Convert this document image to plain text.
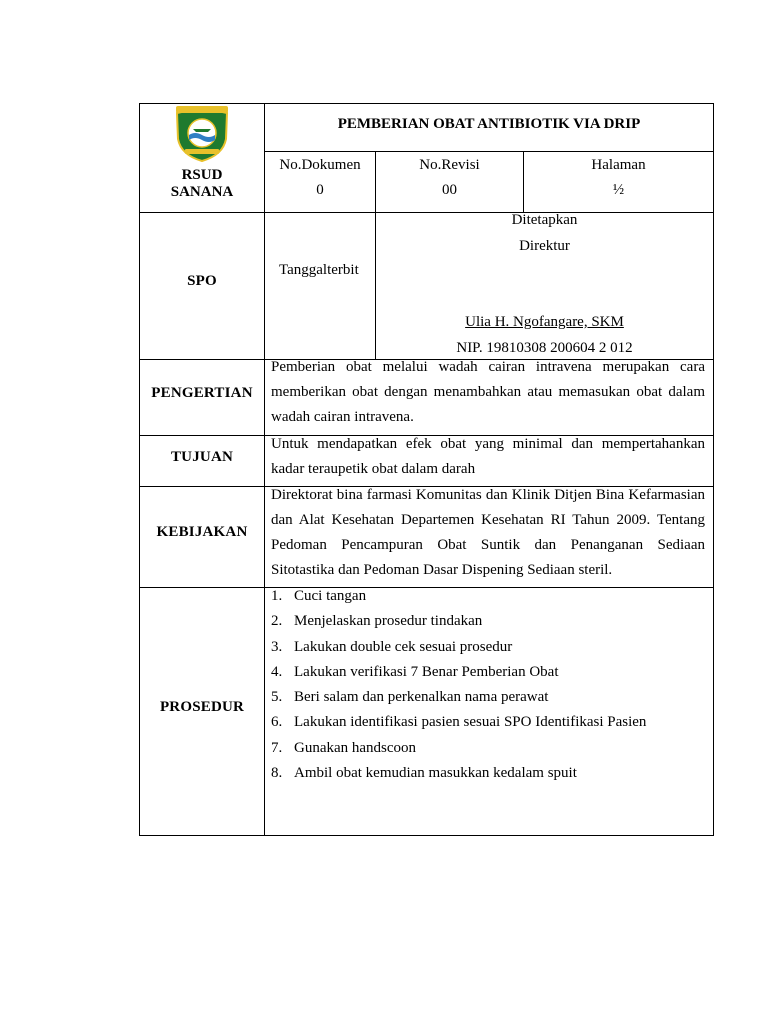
RSUD
SANANA
PEMBERIAN OBAT ANTIBIOTIK VIA DRIP
No.Dokumen
0
No.Revisi
00
Halaman
½
SPO
Tanggalterbit
Ditetapkan
Direktur
Ulia H. Ngofangare, SKM
NIP. 19810308 200604 2 012
PENGERTIAN
Pemberian obat melalui wadah cairan intravena merupakan cara memberikan obat dengan menambahkan atau memasukan obat dalam wadah cairan intravena.
TUJUAN
Untuk mendapatkan efek obat yang minimal dan mempertahankan kadar teraupetik obat dalam darah
KEBIJAKAN
Direktorat bina farmasi Komunitas dan Klinik Ditjen Bina Kefarmasian dan Alat Kesehatan Departemen Kesehatan RI Tahun 2009. Tentang Pedoman Pencampuran Obat Suntik dan Penanganan Sediaan Sitotastika dan Pedoman Dasar Dispening Sediaan steril.
PROSEDUR
1. Cuci tangan
2. Menjelaskan prosedur tindakan
3. Lakukan double cek sesuai prosedur
4. Lakukan verifikasi 7 Benar Pemberian Obat
5. Beri salam dan perkenalkan nama perawat
6. Lakukan identifikasi pasien sesuai SPO Identifikasi Pasien
7. Gunakan handscoon
8. Ambil obat kemudian masukkan kedalam spuit
